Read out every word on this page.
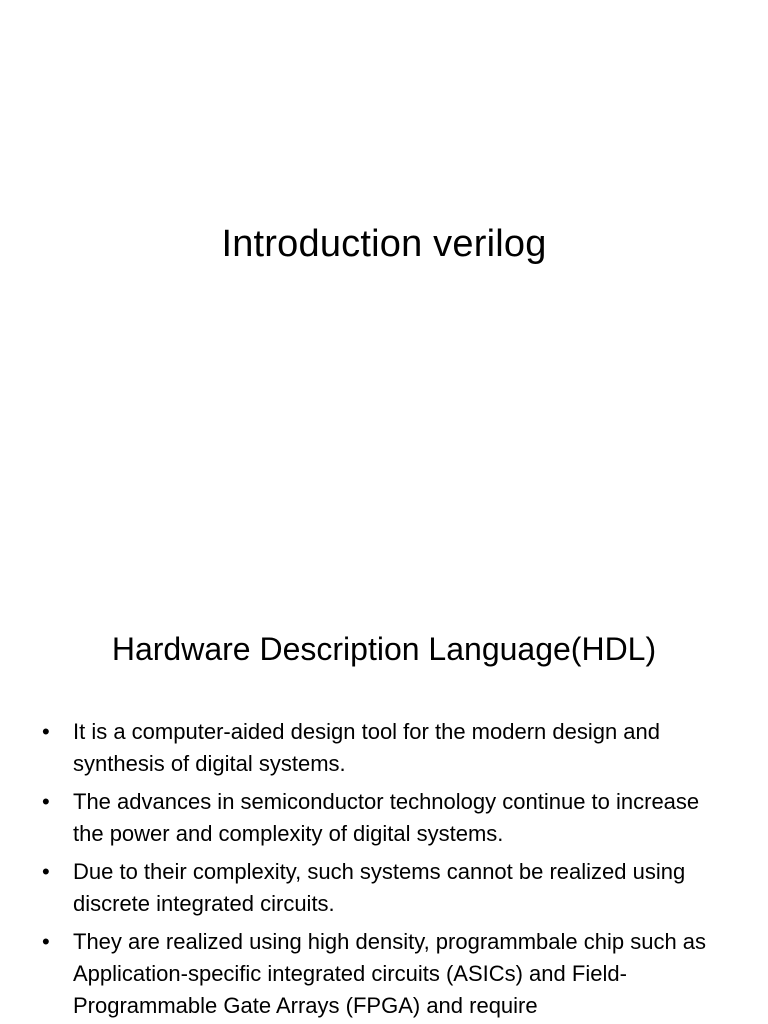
Introduction verilog
Hardware Description Language(HDL)
• It is a computer-aided design tool for the modern design and synthesis of digital systems.
• The advances in semiconductor technology continue to increase the power and complexity of digital systems.
• Due to their complexity, such systems cannot be realized using discrete integrated circuits.
• They are realized using high density, programmbale chip such as Application-specific integrated circuits (ASICs) and Field-Programmable Gate Arrays (FPGA) and require
